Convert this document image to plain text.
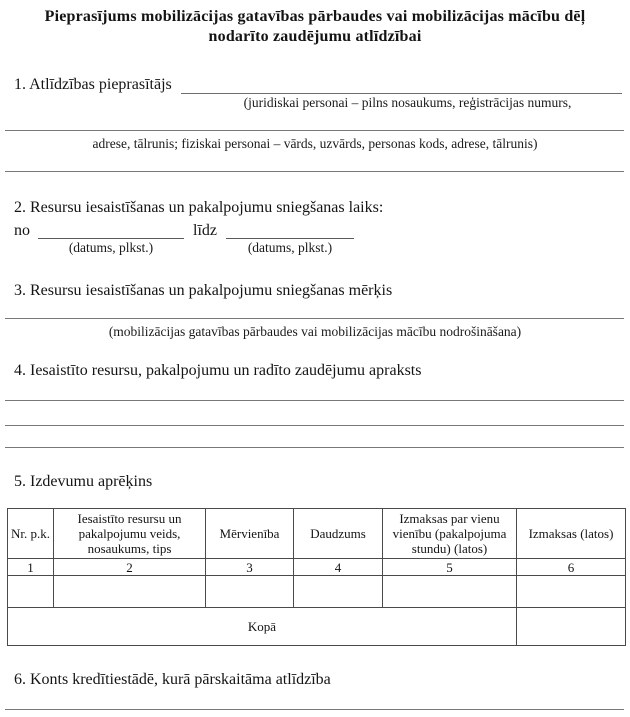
Pieprasījums mobilizācijas gatavības pārbaudes vai mobilizācijas mācību dēļ nodarīto zaudējumu atlīdzībai
1. Atlīdzības pieprasītājs
(juridiskai personai – pilns nosaukums, reģistrācijas numurs,
adrese, tālrunis; fiziskai personai – vārds, uzvārds, personas kods, adrese, tālrunis)
2. Resursu iesaistīšanas un pakalpojumu sniegšanas laiks:
no
(datums, plkst.)
līdz
(datums, plkst.)
3. Resursu iesaistīšanas un pakalpojumu sniegšanas mērķis
(mobilizācijas gatavības pārbaudes vai mobilizācijas mācību nodrošināšana)
4. Iesaistīto resursu, pakalpojumu un radīto zaudējumu apraksts
5. Izdevumu aprēķins
Nr. p.k.	Iesaistīto resursu un pakalpojumu veids, nosaukums, tips	Mērvienība	Daudzums	Izmaksas par vienu vienību (pakalpojuma stundu) (latos)	Izmaksas (latos)
1	2	3	4	5	6

Kopā					
6. Konts kredītiestādē, kurā pārskaitāma atlīdzība
